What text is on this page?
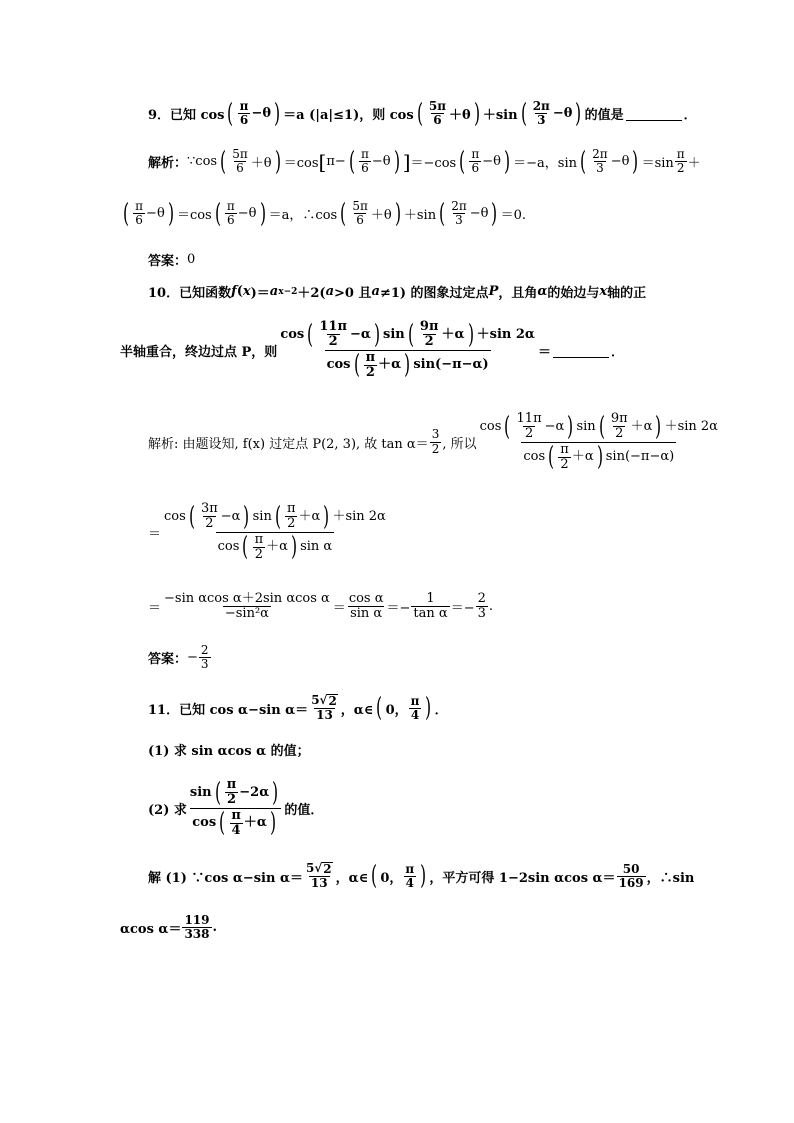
9． 已知 cos ( $\frac{\pi}{6} -\theta$ ) ＝a (|a|≤1)，则 cos ( $\frac{5\pi}{6} +\theta$ ) ＋sin ( $\frac{2\pi}{3} -\theta$ ) 的值是	．
解析： ∵cos ( $\frac{5\pi}{6} +\theta$ ) ＝cos [ π− ( $\frac{\pi}{6} -\theta$ ) ] ＝−cos ( $\frac{\pi}{6} -\theta$ ) ＝−a，sin ( $\frac{2\pi}{3} -\theta$ ) $=\sin \frac{\pi}{2}$ ＋
( $\frac{\pi}{6} -\theta$ ) ＝cos ( $\frac{\pi}{6} -\theta$ ) ＝a，∴cos ( $\frac{5\pi}{6} +\theta$ ) ＋sin ( $\frac{2\pi}{3} -\theta$ ) ＝0.
答案： 0
10． 已知函数 f ( x )＝ a x−2 ＋2( a >0 且 a ≠1) 的图象过定点 P ，且角 α 的始边与 x 轴的正
半轴重合，终边过点 P，则 $\frac{\cos ( \frac{11\pi}{2} -\alpha ) \sin ( \frac{9\pi}{2} +\alpha ) +\sin 2\alpha}{\cos ( \frac{\pi}{2} +\alpha ) \sin(-\pi-\alpha)}$ ＝	．
解析: 由题设知, f(x) 过定点 P(2, 3), 故 $\tan \alpha= \frac{3}{2}$ , 所以 $\frac{\cos ( \frac{11\pi}{2} -\alpha ) \sin ( \frac{9\pi}{2} +\alpha ) +\sin 2\alpha}{\cos ( \frac{\pi}{2} +\alpha ) \sin(-\pi-\alpha)}$
＝ $\frac{\cos ( \frac{3\pi}{2} -\alpha ) \sin ( \frac{\pi}{2} +\alpha ) +\sin 2\alpha}{\cos ( \frac{\pi}{2} +\alpha ) \sin \alpha}$
＝ $\frac{\text{−sin αcos α＋2sin αcos α}}{\text{−sin²α}} = \frac{\text{cos α}}{\text{sin α}} =- \frac{1}{\text{tan α}} =- \frac{2}{3}$ .
答案： − $\frac{2}{3}$
11． 已知 cos α−sin $\alpha= \frac{5√ 2}{13}$ ，α∈ ( 0， $\frac{\pi}{4}$ ) ．
(1) 求 sin αcos α 的值；
(2) 求 $\frac{\sin ( \frac{\pi}{2} -2\alpha )}{\cos ( \frac{\pi}{4} +\alpha )}$ 的值．
解 (1) ∵cos α−sin $\alpha= \frac{5√ 2}{13}$ ，α∈ ( 0， $\frac{\pi}{4}$ ) ，平方可得 1−2sin αcos $\alpha= \frac{50}{169}$ ，∴sin
αcos $\alpha= \frac{119}{338}$ .
